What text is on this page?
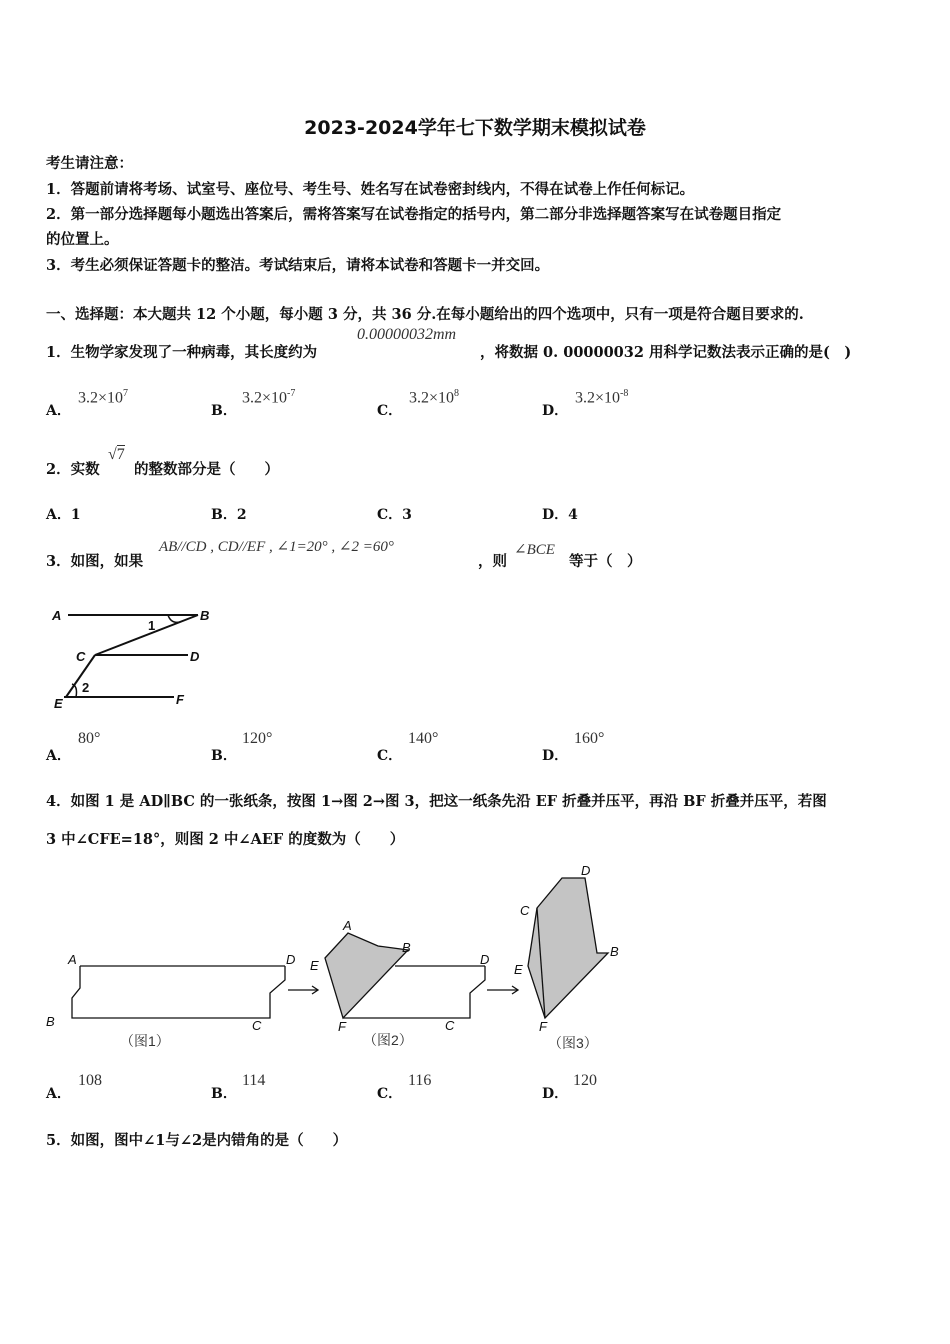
2023-2024学年七下数学期末模拟试卷
考生请注意：
1．答题前请将考场、试室号、座位号、考生号、姓名写在试卷密封线内，不得在试卷上作任何标记。
2．第一部分选择题每小题选出答案后，需将答案写在试卷指定的括号内，第二部分非选择题答案写在试卷题目指定
的位置上。
3．考生必须保证答题卡的整洁。考试结束后，请将本试卷和答题卡一并交回。
一、选择题：本大题共 12 个小题，每小题 3 分，共 36 分.在每小题给出的四个选项中，只有一项是符合题目要求的.
1．生物学家发现了一种病毒，其长度约为
0.00000032mm
，将数据 0. 00000032 用科学记数法表示正确的是(　)
A．
$3.2\times 10^7$
B．
$3.2\times 10^{-7}$
C．
$3.2\times 10^8$
D．
$3.2\times 10^{-8}$
2．实数
√7
的整数部分是（　　）
A．1	B．2	C．3	D．4
3．如图，如果
AB//CD , CD//EF , ∠1=20° , ∠2 =60°
，则
∠BCE
等于（　）
A	B
C	D
E	F
1
2
A．
80°
B．
120°
C．
140°
D．
160°
4．如图 1 是 AD∥BC 的一张纸条，按图 1→图 2→图 3，把这一纸条先沿 EF 折叠并压平，再沿 BF 折叠并压平，若图
3 中∠CFE=18°，则图 2 中∠AEF 的度数为（　　）
A	D
B	C
A
B
E	D
F	C
D
C
B
E
F
（图1）	（图2）	（图3）
A．
108
B．
114
C．
116
D．
120
5．如图，图中∠1与∠2是内错角的是（　　）
